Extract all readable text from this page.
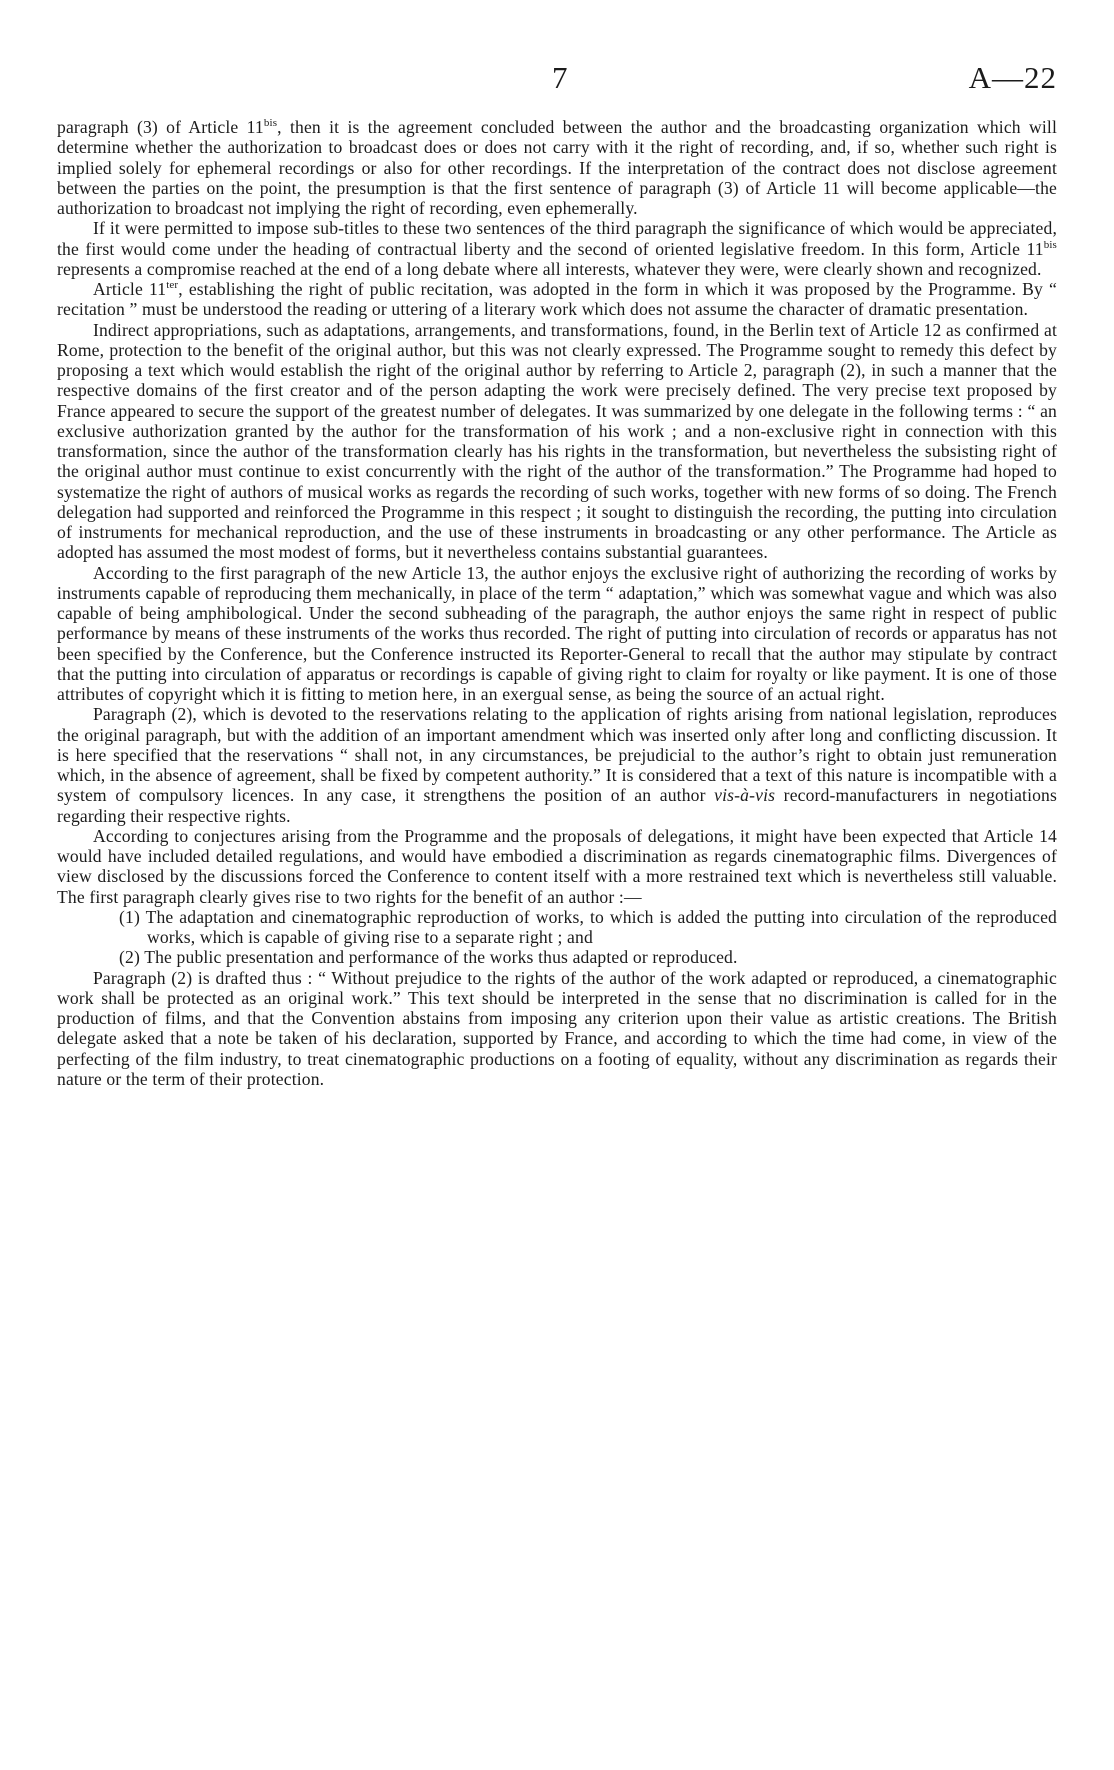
7	A—22

paragraph (3) of Article $11^{bis}$, then it is the agreement concluded between the author and the broadcasting organization which will determine whether the authorization to broadcast does or does not carry with it the right of recording, and, if so, whether such right is implied solely for ephemeral recordings or also for other recordings. If the interpretation of the contract does not disclose agreement between the parties on the point, the presumption is that the first sentence of paragraph (3) of Article 11 will become applicable—the authorization to broadcast not implying the right of recording, even ephemerally.

If it were permitted to impose sub-titles to these two sentences of the third paragraph the significance of which would be appreciated, the first would come under the heading of contractual liberty and the second of oriented legislative freedom. In this form, Article $11^{bis}$ represents a compromise reached at the end of a long debate where all interests, whatever they were, were clearly shown and recognized.

Article $11^{ter}$, establishing the right of public recitation, was adopted in the form in which it was proposed by the Programme. By “ recitation ” must be understood the reading or uttering of a literary work which does not assume the character of dramatic presentation.

Indirect appropriations, such as adaptations, arrangements, and transformations, found, in the Berlin text of Article 12 as confirmed at Rome, protection to the benefit of the original author, but this was not clearly expressed. The Programme sought to remedy this defect by proposing a text which would establish the right of the original author by referring to Article 2, paragraph (2), in such a manner that the respective domains of the first creator and of the person adapting the work were precisely defined. The very precise text proposed by France appeared to secure the support of the greatest number of delegates. It was summarized by one delegate in the following terms : “ an exclusive authorization granted by the author for the transformation of his work ; and a non-exclusive right in connection with this transformation, since the author of the transformation clearly has his rights in the transformation, but nevertheless the subsisting right of the original author must continue to exist concurrently with the right of the author of the transformation.” The Programme had hoped to systematize the right of authors of musical works as regards the recording of such works, together with new forms of so doing. The French delegation had supported and reinforced the Programme in this respect ; it sought to distinguish the recording, the putting into circulation of instruments for mechanical reproduction, and the use of these instruments in broadcasting or any other performance. The Article as adopted has assumed the most modest of forms, but it nevertheless contains substantial guarantees.

According to the first paragraph of the new Article 13, the author enjoys the exclusive right of authorizing the recording of works by instruments capable of reproducing them mechanically, in place of the term “ adaptation,” which was somewhat vague and which was also capable of being amphibological. Under the second subheading of the paragraph, the author enjoys the same right in respect of public performance by means of these instruments of the works thus recorded. The right of putting into circulation of records or apparatus has not been specified by the Conference, but the Conference instructed its Reporter-General to recall that the author may stipulate by contract that the putting into circulation of apparatus or recordings is capable of giving right to claim for royalty or like payment. It is one of those attributes of copyright which it is fitting to metion here, in an exergual sense, as being the source of an actual right.

Paragraph (2), which is devoted to the reservations relating to the application of rights arising from national legislation, reproduces the original paragraph, but with the addition of an important amendment which was inserted only after long and conflicting discussion. It is here specified that the reservations “ shall not, in any circumstances, be prejudicial to the author’s right to obtain just remuneration which, in the absence of agreement, shall be fixed by competent authority.” It is considered that a text of this nature is incompatible with a system of compulsory licences. In any case, it strengthens the position of an author vis-à-vis record-manufacturers in negotiations regarding their respective rights.

According to conjectures arising from the Programme and the proposals of delegations, it might have been expected that Article 14 would have included detailed regulations, and would have embodied a discrimination as regards cinematographic films. Divergences of view disclosed by the discussions forced the Conference to content itself with a more restrained text which is nevertheless still valuable. The first paragraph clearly gives rise to two rights for the benefit of an author :—

(1) The adaptation and cinematographic reproduction of works, to which is added the putting into circulation of the reproduced works, which is capable of giving rise to a separate right ; and

(2) The public presentation and performance of the works thus adapted or reproduced.

Paragraph (2) is drafted thus : “ Without prejudice to the rights of the author of the work adapted or reproduced, a cinematographic work shall be protected as an original work.” This text should be interpreted in the sense that no discrimination is called for in the production of films, and that the Convention abstains from imposing any criterion upon their value as artistic creations. The British delegate asked that a note be taken of his declaration, supported by France, and according to which the time had come, in view of the perfecting of the film industry, to treat cinematographic productions on a footing of equality, without any discrimination as regards their nature or the term of their protection.
